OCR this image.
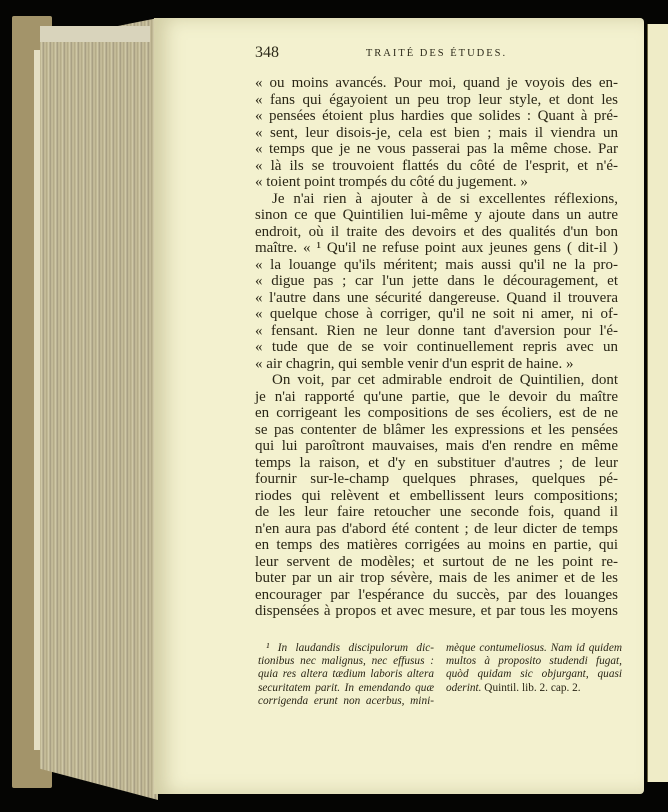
348	TRAITÉ DES ÉTUDES.
« ou moins avancés. Pour moi, quand je voyois des en-
« fans qui égayoient un peu trop leur style, et dont les
« pensées étoient plus hardies que solides : Quant à pré-
« sent, leur disois-je, cela est bien ; mais il viendra un
« temps que je ne vous passerai pas la même chose. Par
« là ils se trouvoient flattés du côté de l'esprit, et n'é-
« toient point trompés du côté du jugement. »
Je n'ai rien à ajouter à de si excellentes réflexions,
sinon ce que Quintilien lui-même y ajoute dans un autre
endroit, où il traite des devoirs et des qualités d'un bon
maître. « ¹ Qu'il ne refuse point aux jeunes gens ( dit-il )
« la louange qu'ils méritent; mais aussi qu'il ne la pro-
« digue pas ; car l'un jette dans le découragement, et
« l'autre dans une sécurité dangereuse. Quand il trouvera
« quelque chose à corriger, qu'il ne soit ni amer, ni of-
« fensant. Rien ne leur donne tant d'aversion pour l'é-
« tude que de se voir continuellement repris avec un
« air chagrin, qui semble venir d'un esprit de haine. »
On voit, par cet admirable endroit de Quintilien, dont
je n'ai rapporté qu'une partie, que le devoir du maître
en corrigeant les compositions de ses écoliers, est de ne
se pas contenter de blâmer les expressions et les pensées
qui lui paroîtront mauvaises, mais d'en rendre en même
temps la raison, et d'y en substituer d'autres ; de leur
fournir sur-le-champ quelques phrases, quelques pé-
riodes qui relèvent et embellissent leurs compositions;
de les leur faire retoucher une seconde fois, quand il
n'en aura pas d'abord été content ; de leur dicter de temps
en temps des matières corrigées au moins en partie, qui
leur servent de modèles; et surtout de ne les point re-
buter par un air trop sévère, mais de les animer et de les
encourager par l'espérance du succès, par des louanges
dispensées à propos et avec mesure, et par tous les moyens
¹ In laudandis discipulorum dic-
tionibus nec malignus, nec effusus :
quia res altera tædium laboris altera
securitatem parit. In emendando quæ
corrigenda erunt non acerbus, mini-
mèque contumeliosus. Nam id quidem
multos à proposito studendi fugat,
quòd quidam sic objurgant, quasi
oderint. Quintil. lib. 2. cap. 2.
